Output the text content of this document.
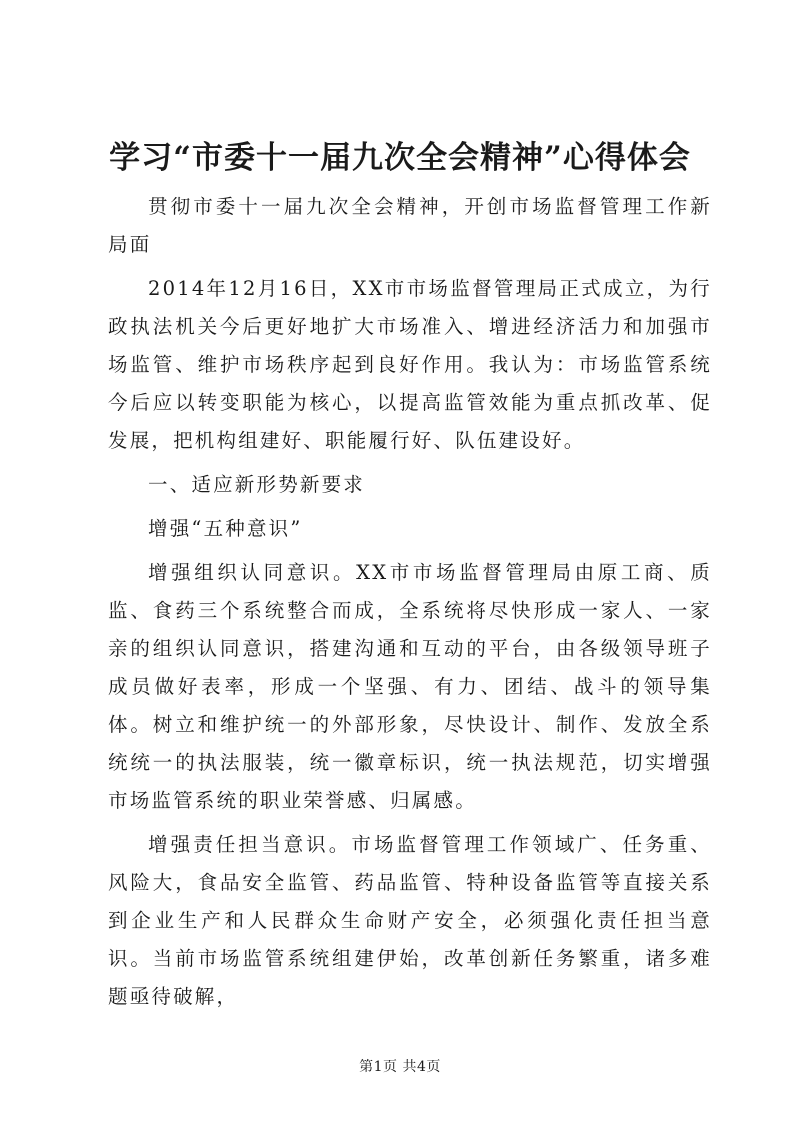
学习“市委十一届九次全会精神”心得体会

贯彻市委十一届九次全会精神，开创市场监督管理工作新局面

2014年12月16日，XX市市场监督管理局正式成立，为行政执法机关今后更好地扩大市场准入、增进经济活力和加强市场监管、维护市场秩序起到良好作用。我认为：市场监管系统今后应以转变职能为核心，以提高监管效能为重点抓改革、促发展，把机构组建好、职能履行好、队伍建设好。

一、适应新形势新要求

增强“五种意识”

增强组织认同意识。XX市市场监督管理局由原工商、质监、食药三个系统整合而成，全系统将尽快形成一家人、一家亲的组织认同意识，搭建沟通和互动的平台，由各级领导班子成员做好表率，形成一个坚强、有力、团结、战斗的领导集体。树立和维护统一的外部形象，尽快设计、制作、发放全系统统一的执法服装，统一徽章标识，统一执法规范，切实增强市场监管系统的职业荣誉感、归属感。

增强责任担当意识。市场监督管理工作领域广、任务重、风险大，食品安全监管、药品监管、特种设备监管等直接关系到企业生产和人民群众生命财产安全，必须强化责任担当意识。当前市场监管系统组建伊始，改革创新任务繁重，诸多难题亟待破解，

第1页 共4页
